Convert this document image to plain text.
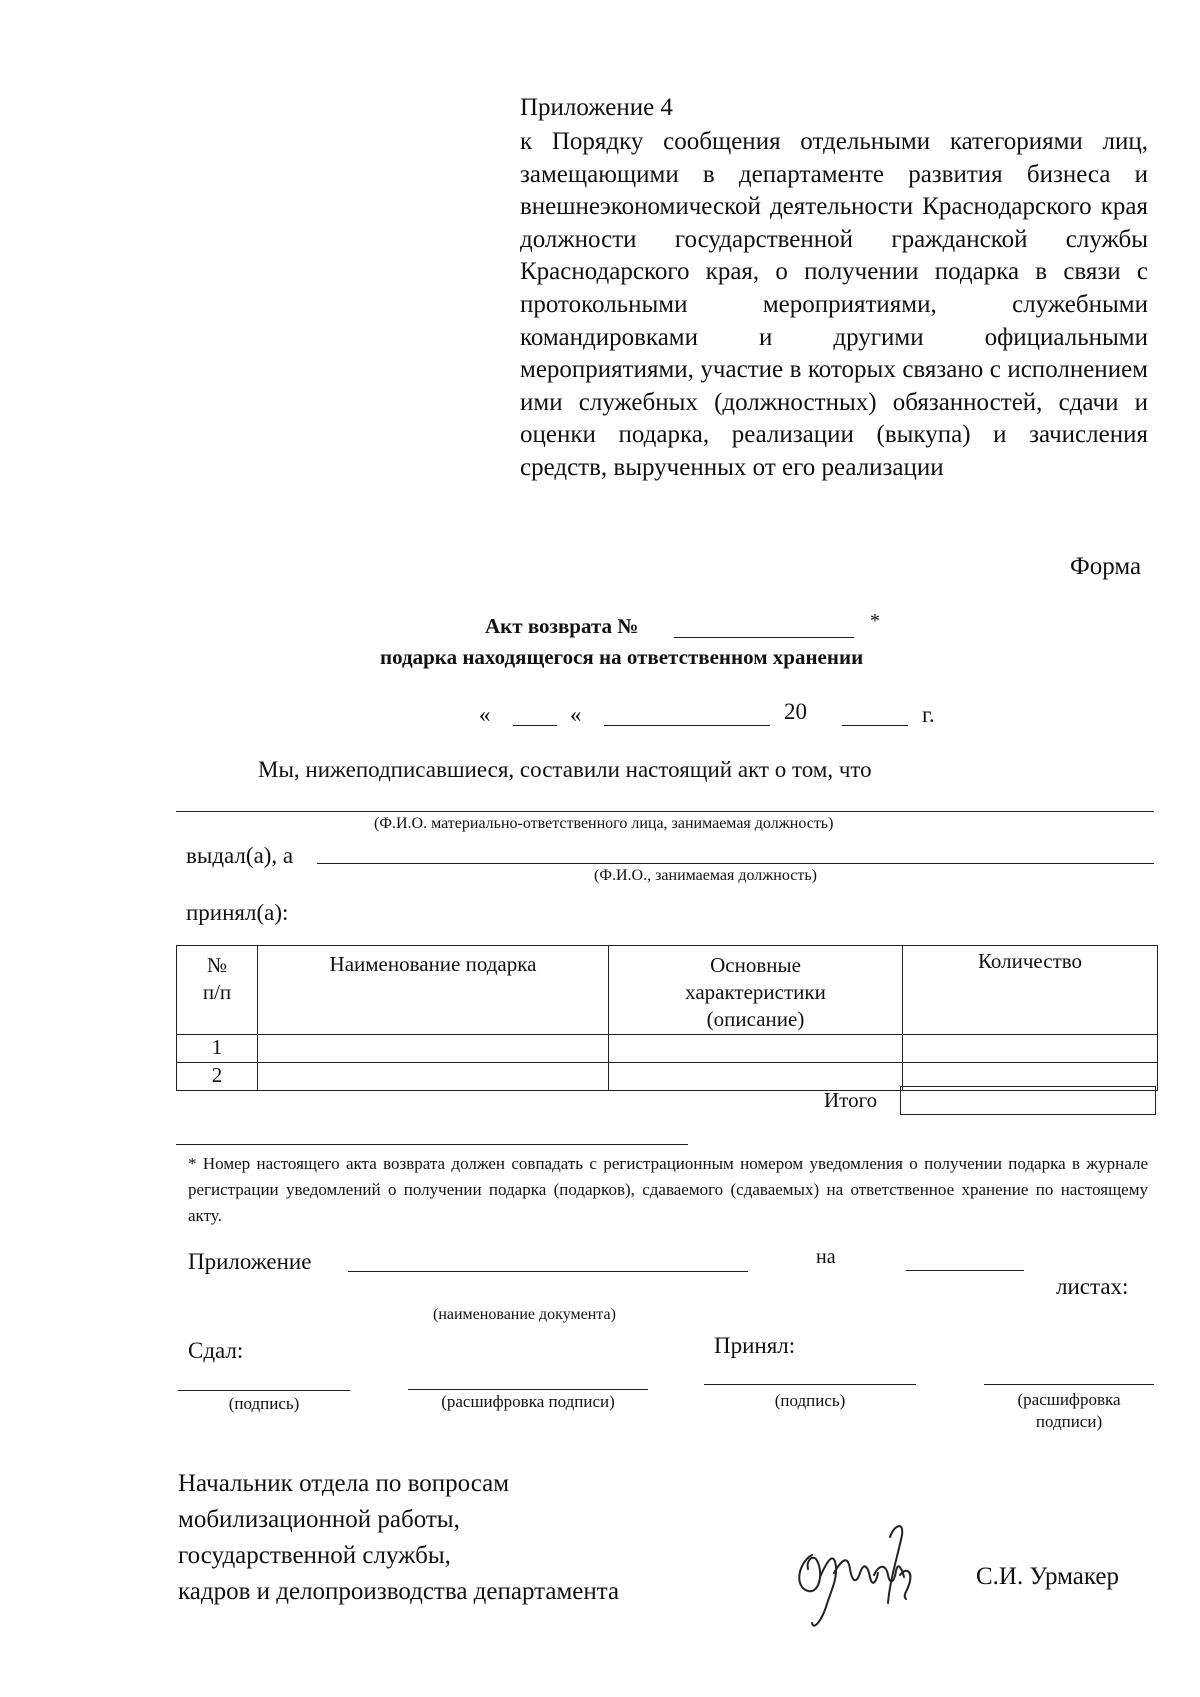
Приложение 4
к Порядку сообщения отдельными категориями лиц, замещающими в департаменте развития бизнеса и внешнеэкономической деятельности Краснодарского края должности государственной гражданской службы Краснодарского края, о получении подарка в связи с протокольными мероприятиями, служебными командировками и другими официальными мероприятиями, участие в которых связано с исполнением ими служебных (должностных) обязанностей, сдачи и оценки подарка, реализации (выкупа) и зачисления средств, вырученных от его реализации
Форма
Акт возврата №	*
подарка находящегося на ответственном хранении
«	«	20	г.
Мы, нижеподписавшиеся, составили настоящий акт о том, что
(Ф.И.О. материально-ответственного лица, занимаемая должность)
выдал(а), а
(Ф.И.О., занимаемая должность)
принял(а):
№ п/п	Наименование подарка	Основные характеристики (описание)	Количество

1			
2			
Итого
* Номер настоящего акта возврата должен совпадать с регистрационным номером уведомления о получении подарка в журнале регистрации уведомлений о получении подарка (подарков), сдаваемого (сдаваемых) на ответственное хранение по настоящему акту.
Приложение	на
листах:
(наименование документа)
Сдал:	Принял:
(подпись)	(расшифровка подписи)	(подпись)	(расшифровка
подписи)
Начальник отдела по вопросам
мобилизационной работы,
государственной службы,
кадров и делопроизводства департамента
С.И. Урмакер
